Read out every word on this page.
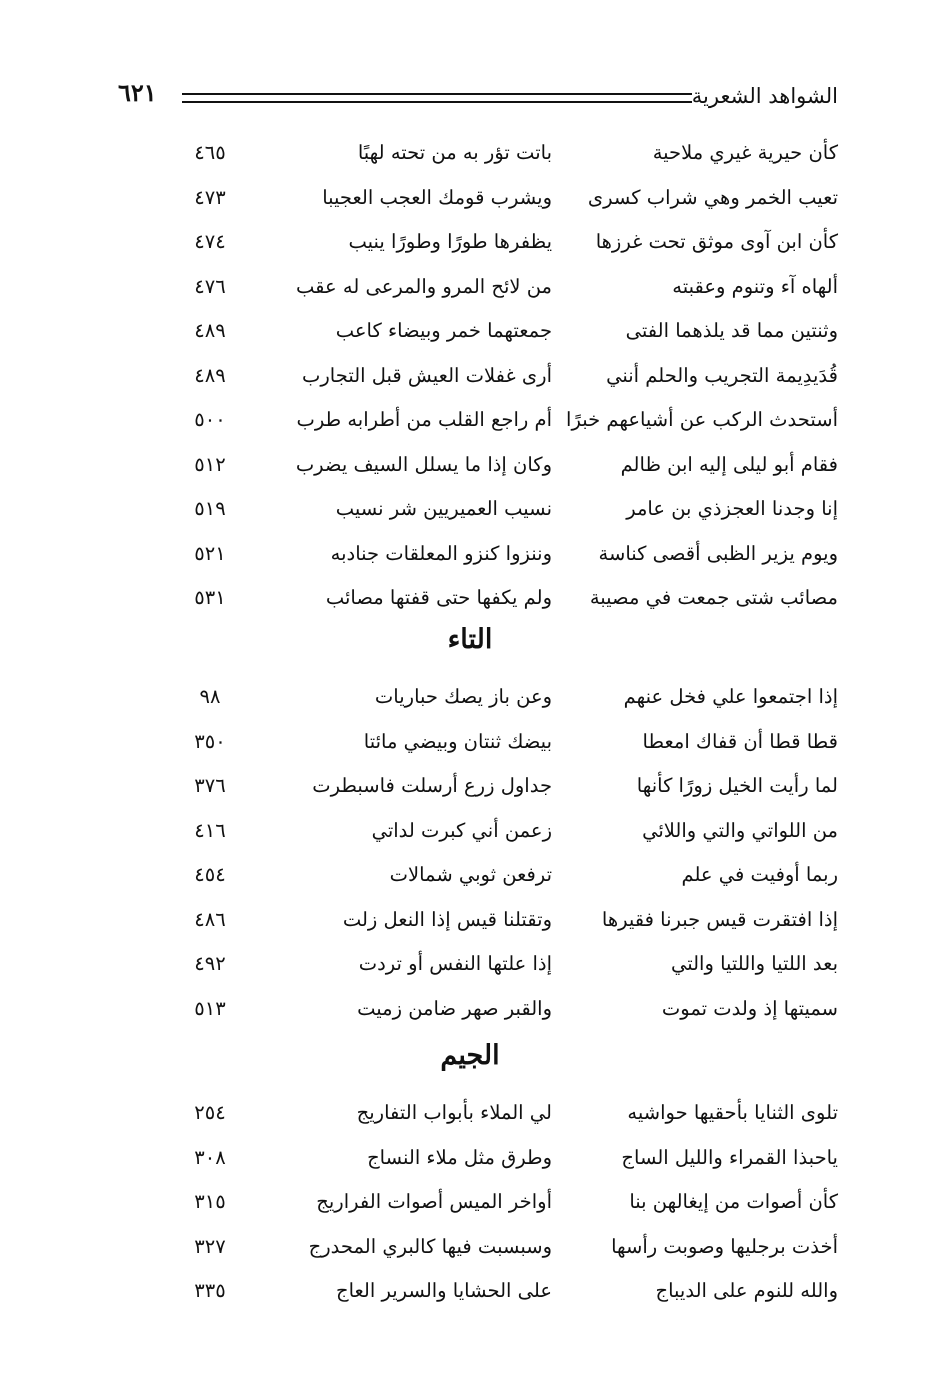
الشواهد الشعرية
٦٢١
كأن حيرية غيري ملاحية
باتت تؤر به من تحته لهبًا
٤٦٥
تعيب الخمر وهي شراب كسرى
ويشرب قومك العجب العجيبا
٤٧٣
كأن ابن آوى موثق تحت غرزها
يظفرها طورًا وطورًا ينيب
٤٧٤
ألهاه آء وتنوم وعقبته
من لائح المرو والمرعى له عقب
٤٧٦
وثنتين مما قد يلذهما الفتى
جمعتهما خمر وبيضاء كاعب
٤٨٩
قُدَيدِيمة التجريب والحلم أنني
أرى غفلات العيش قبل التجارب
٤٨٩
أستحدث الركب عن أشياعهم خبرًا
أم راجع القلب من أطرابه طرب
٥٠٠
فقام أبو ليلى إليه ابن ظالم
وكان إذا ما يسلل السيف يضرب
٥١٢
إنا وجدنا العجزذي بن عامر
نسيب العميريين شر نسيب
٥١٩
ويوم يزير الظبى أقصى كناسة
وننزوا كنزو المعلقات جنادبه
٥٢١
مصائب شتى جمعت في مصيبة
ولم يكفها حتى قفتها مصائب
٥٣١
التاء
إذا اجتمعوا علي فخل عنهم
وعن باز يصك حباريات
٩٨
قطا قطا أن قفاك امعطا
بيضك ثنتان وبيضي مائتا
٣٥٠
لما رأيت الخيل زورًا كأنها
جداول زرع أرسلت فاسبطرت
٣٧٦
من اللواتي والتي واللائي
زعمن أني كبرت لداتي
٤١٦
ربما أوفيت في علم
ترفعن ثوبي شمالات
٤٥٤
إذا افتقرت قيس جبرنا فقيرها
وتقتلنا قيس إذا النعل زلت
٤٨٦
بعد اللتيا واللتيا والتي
إذا علتها النفس أو تردت
٤٩٢
سميتها إذ ولدت تموت
والقبر صهر ضامن زميت
٥١٣
الجيم
تلوى الثنايا بأحقيها حواشيه
لي الملاء بأبواب التفاريج
٢٥٤
ياحبذا القمراء والليل الساج
وطرق مثل ملاء النساج
٣٠٨
كأن أصوات من إيغالهن بنا
أواخر الميس أصوات الفراريج
٣١٥
أخذت برجليها وصوبت رأسها
وسبسبت فيها كالبري المحدرج
٣٢٧
والله للنوم على الديباج
على الحشايا والسرير العاج
٣٣٥
